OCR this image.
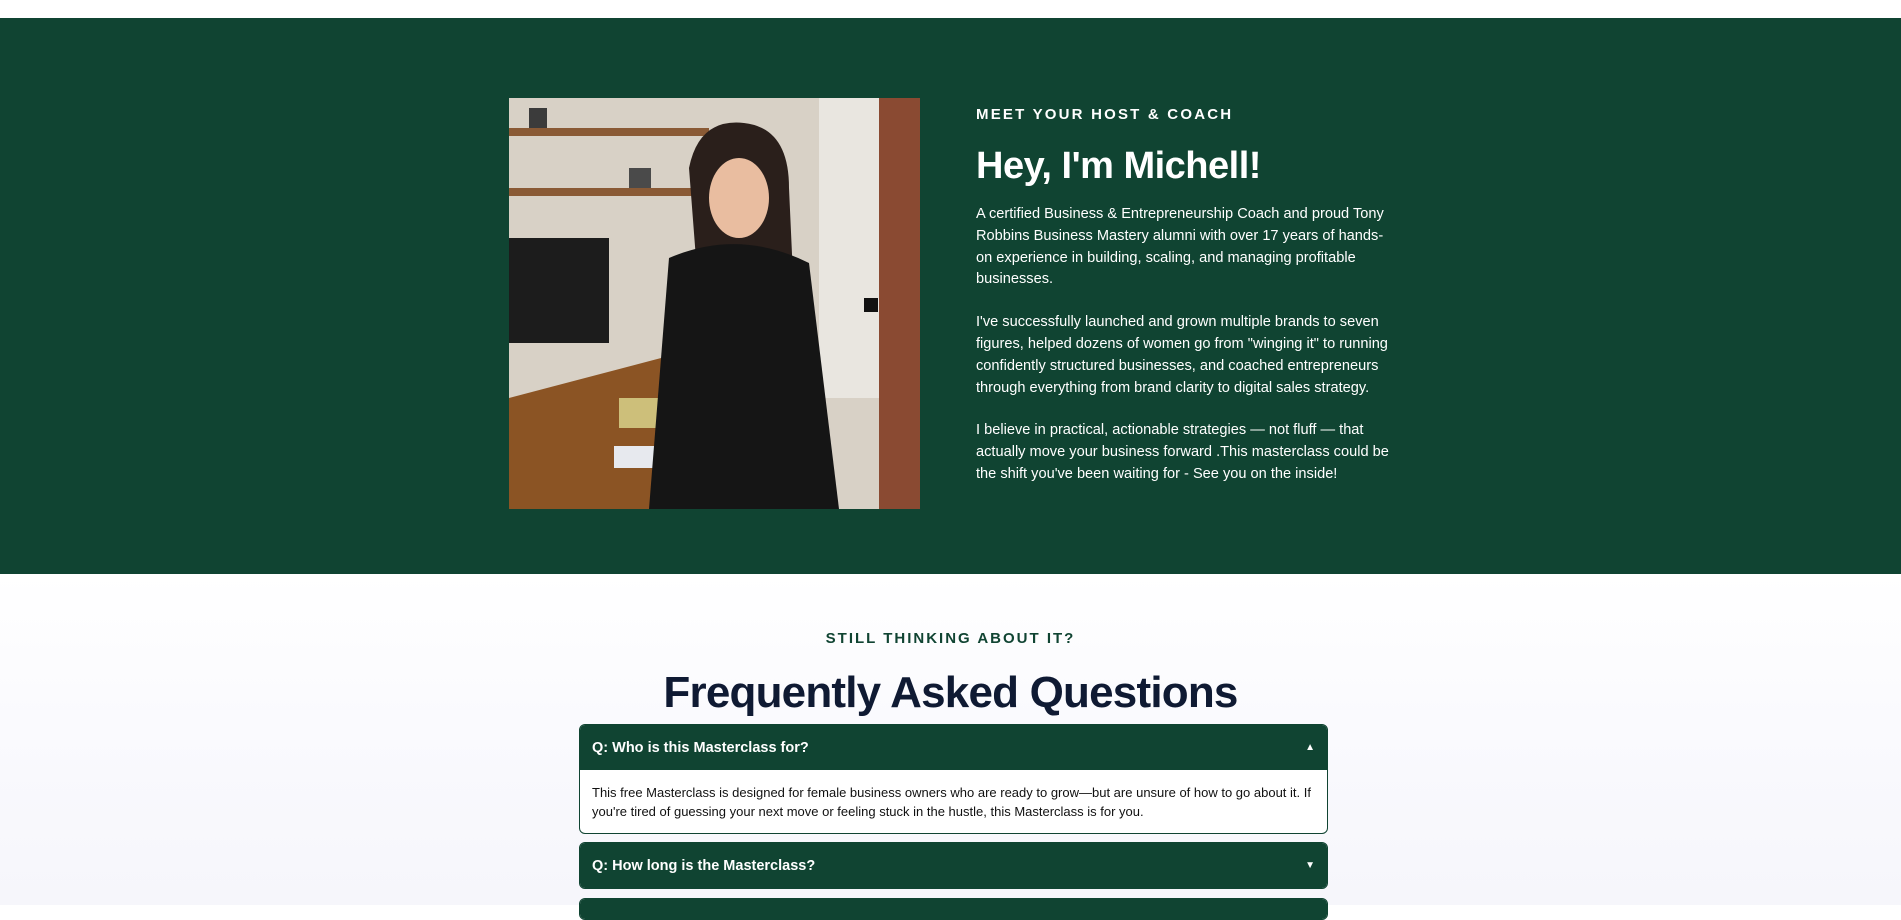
MEET YOUR HOST & COACH
Hey, I'm Michell!

A certified Business & Entrepreneurship Coach and proud Tony Robbins Business Mastery alumni with over 17 years of hands-on experience in building, scaling, and managing profitable businesses.

I've successfully launched and grown multiple brands to seven figures, helped dozens of women go from "winging it" to running confidently structured businesses, and coached entrepreneurs through everything from brand clarity to digital sales strategy.

I believe in practical, actionable strategies — not fluff — that actually move your business forward .This masterclass could be the shift you've been waiting for - See you on the inside!

STILL THINKING ABOUT IT?
Frequently Asked Questions
Q: Who is this Masterclass for?	▲
This free Masterclass is designed for female business owners who are ready to grow—but are unsure of how to go about it. If you're tired of guessing your next move or feeling stuck in the hustle, this Masterclass is for you.
Q: How long is the Masterclass?	▼
